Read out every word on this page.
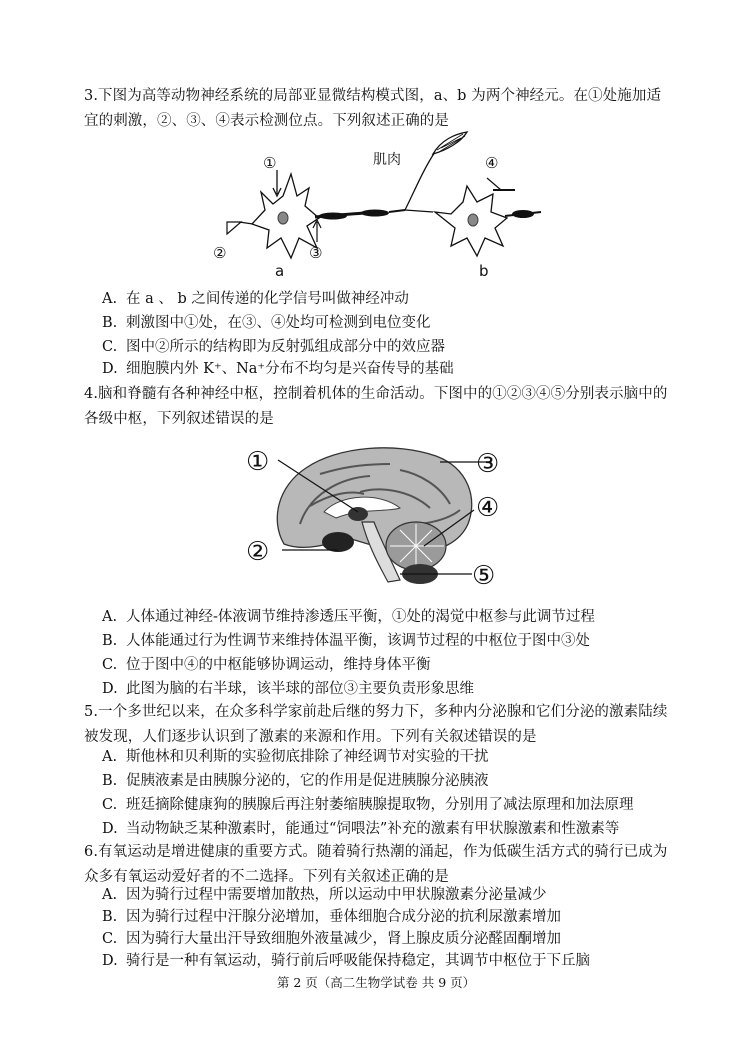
3.下图为高等动物神经系统的局部亚显微结构模式图，a、b 为两个神经元。在①处施加适宜的刺激，②、③、④表示检测位点。下列叙述正确的是
肌肉
①
②	③
④
a	b
A. 在 a 、 b 之间传递的化学信号叫做神经冲动
B. 刺激图中①处，在③、④处均可检测到电位变化
C. 图中②所示的结构即为反射弧组成部分中的效应器
D. 细胞膜内外 K⁺、Na⁺分布不均匀是兴奋传导的基础
4.脑和脊髓有各种神经中枢，控制着机体的生命活动。下图中的①②③④⑤分别表示脑中的各级中枢，下列叙述错误的是
①	③
④
②
⑤
A. 人体通过神经-体液调节维持渗透压平衡，①处的渴觉中枢参与此调节过程
B. 人体能通过行为性调节来维持体温平衡，该调节过程的中枢位于图中③处
C. 位于图中④的中枢能够协调运动，维持身体平衡
D. 此图为脑的右半球，该半球的部位③主要负责形象思维
5.一个多世纪以来，在众多科学家前赴后继的努力下，多种内分泌腺和它们分泌的激素陆续被发现，人们逐步认识到了激素的来源和作用。下列有关叙述错误的是
A. 斯他林和贝利斯的实验彻底排除了神经调节对实验的干扰
B. 促胰液素是由胰腺分泌的，它的作用是促进胰腺分泌胰液
C. 班廷摘除健康狗的胰腺后再注射萎缩胰腺提取物，分别用了减法原理和加法原理
D. 当动物缺乏某种激素时，能通过“饲喂法”补充的激素有甲状腺激素和性激素等
6.有氧运动是增进健康的重要方式。随着骑行热潮的涌起，作为低碳生活方式的骑行已成为众多有氧运动爱好者的不二选择。下列有关叙述正确的是
A. 因为骑行过程中需要增加散热，所以运动中甲状腺激素分泌量减少
B. 因为骑行过程中汗腺分泌增加，垂体细胞合成分泌的抗利尿激素增加
C. 因为骑行大量出汗导致细胞外液量减少，肾上腺皮质分泌醛固酮增加
D. 骑行是一种有氧运动，骑行前后呼吸能保持稳定，其调节中枢位于下丘脑
第 2 页（高二生物学试卷 共 9 页）
